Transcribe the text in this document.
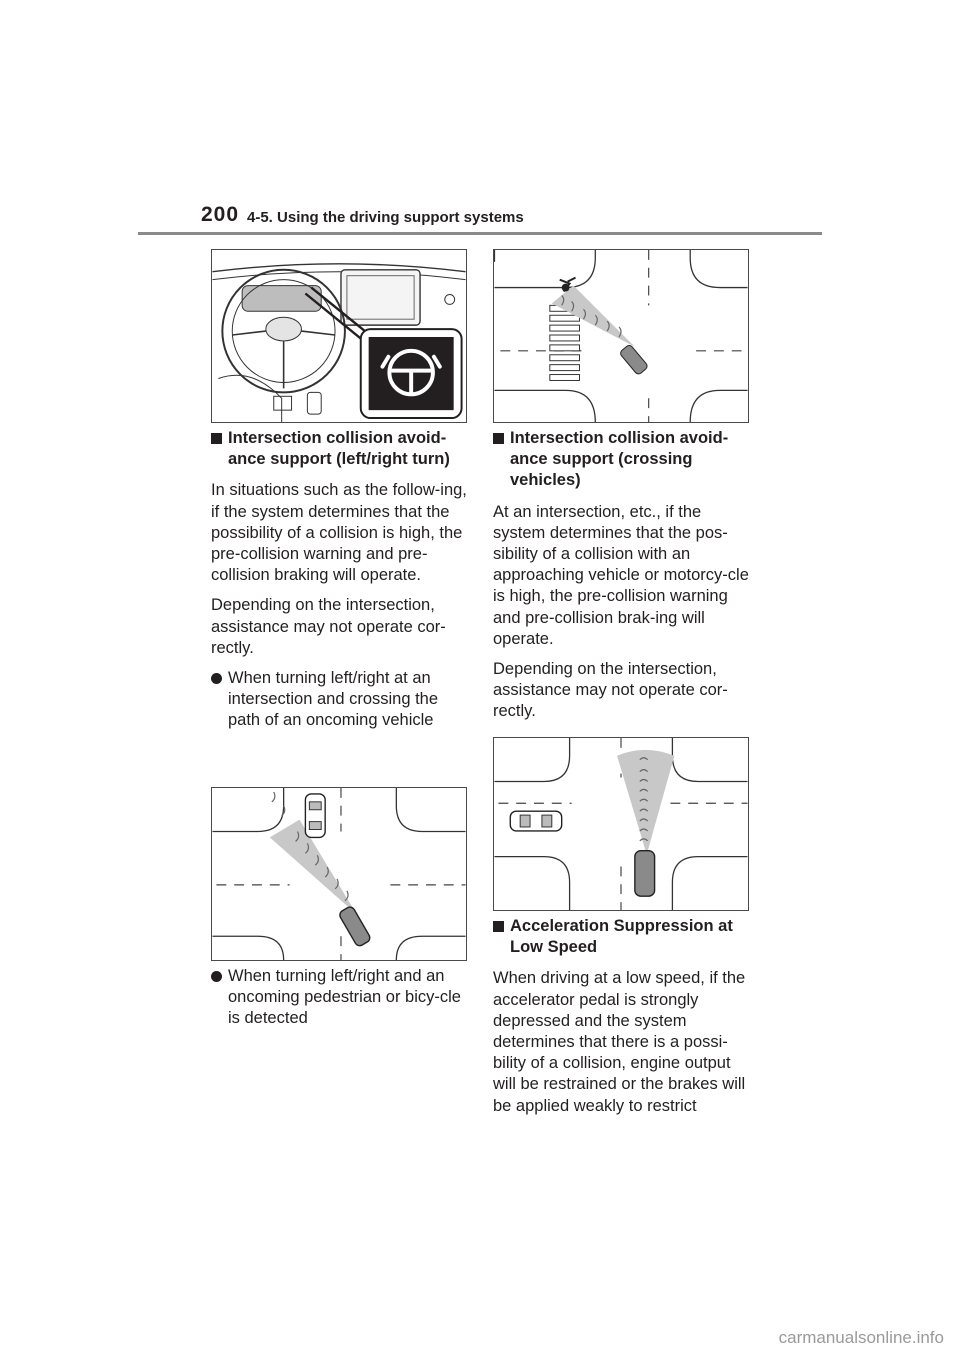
200 4-5. Using the driving support systems
Intersection collision avoid-ance support (left/right turn)

In situations such as the follow-ing, if the system determines that the possibility of a collision is high, the pre-collision warning and pre-collision braking will operate.

Depending on the intersection, assistance may not operate cor-rectly.

When turning left/right at an intersection and crossing the path of an oncoming vehicle
When turning left/right and an oncoming pedestrian or bicy-cle is detected
Intersection collision avoid-ance support (crossing vehicles)

At an intersection, etc., if the system determines that the pos-sibility of a collision with an approaching vehicle or motorcy-cle is high, the pre-collision warning and pre-collision brak-ing will operate.

Depending on the intersection, assistance may not operate cor-rectly.

Acceleration Suppression at Low Speed

When driving at a low speed, if the accelerator pedal is strongly depressed and the system determines that there is a possi-bility of a collision, engine output will be restrained or the brakes will be applied weakly to restrict

carmanualsonline.info
